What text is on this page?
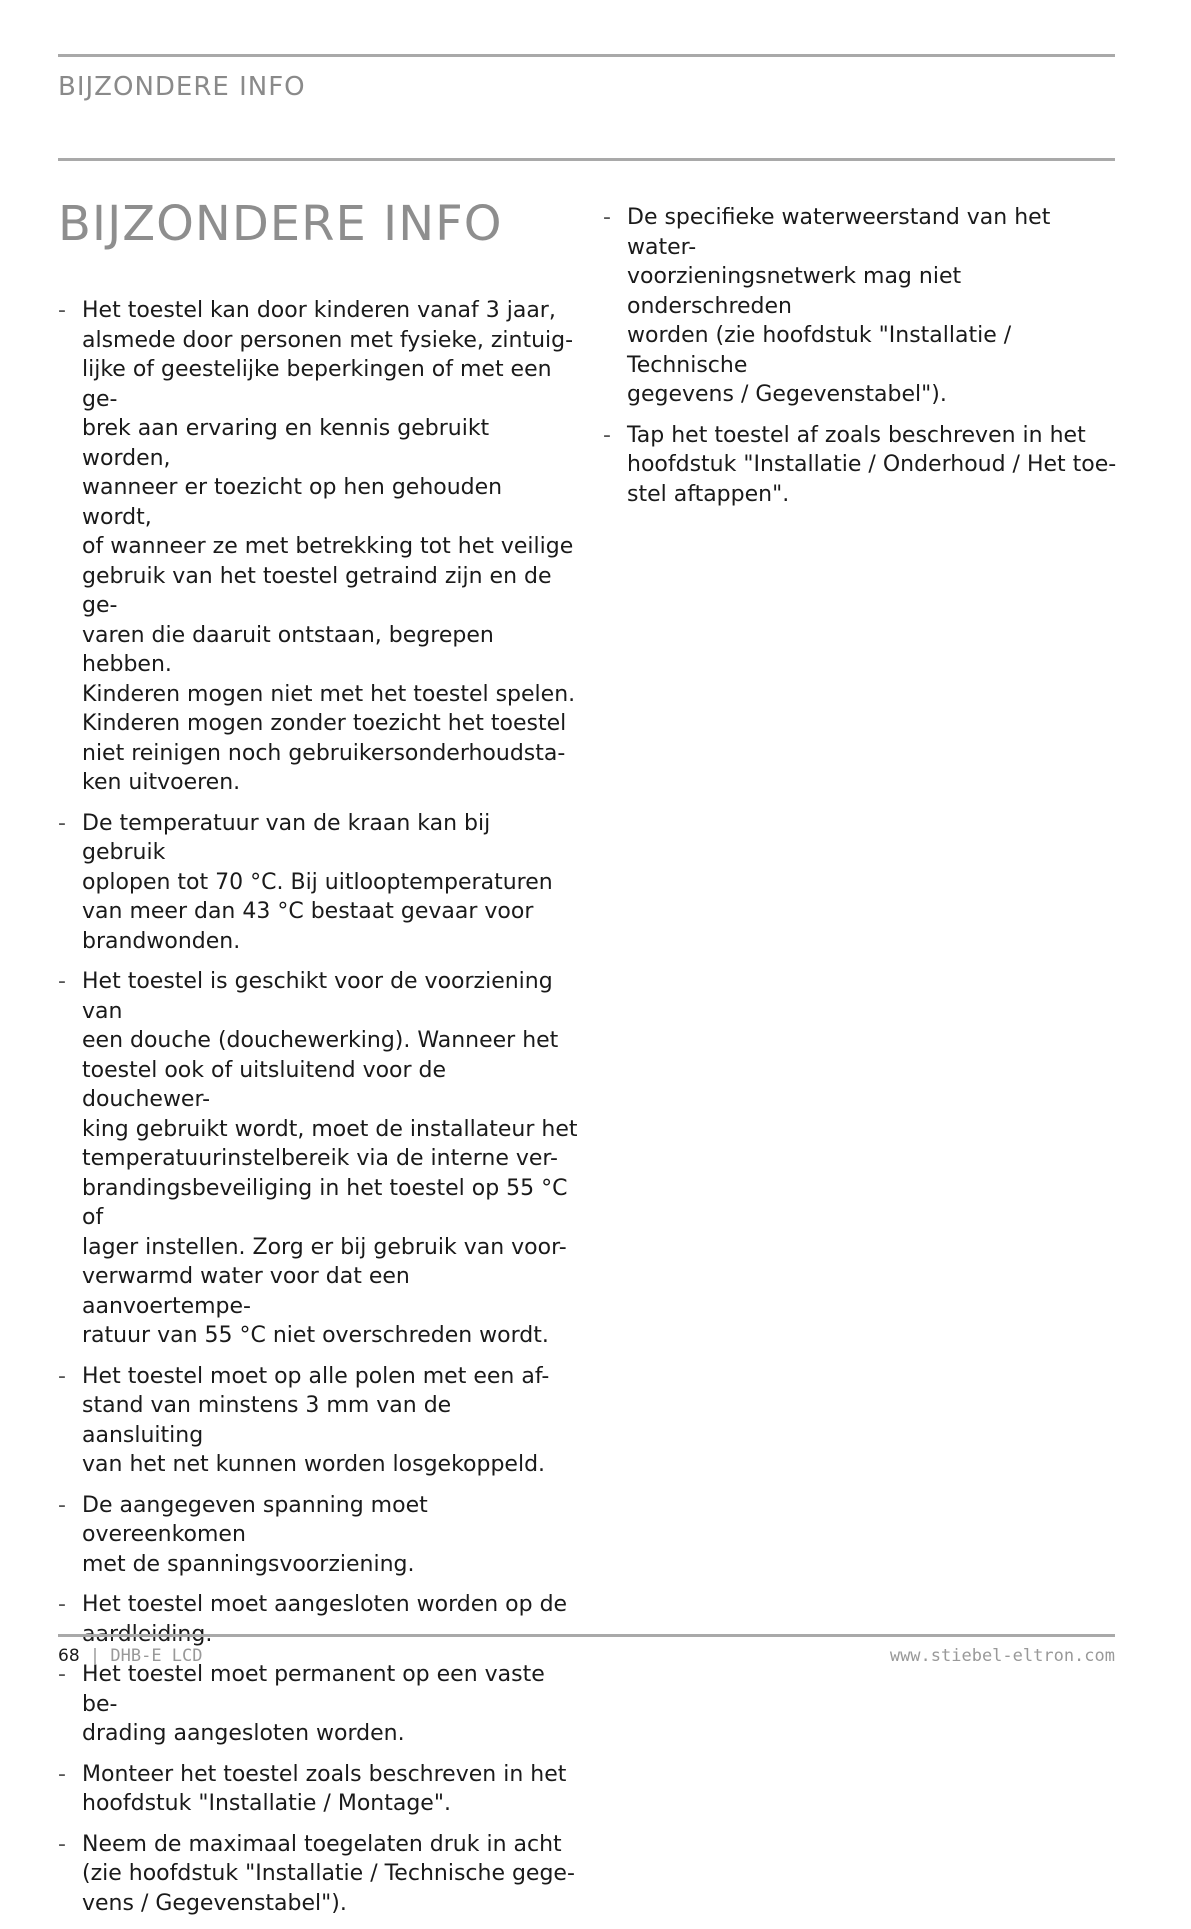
BIJZONDERE INFO
BIJZONDERE INFO
- Het toestel kan door kinderen vanaf 3 jaar,
alsmede door personen met fysieke, zintuig-
lijke of geestelijke beperkingen of met een ge-
brek aan ervaring en kennis gebruikt worden,
wanneer er toezicht op hen gehouden wordt,
of wanneer ze met betrekking tot het veilige
gebruik van het toestel getraind zijn en de ge-
varen die daaruit ontstaan, begrepen hebben.
Kinderen mogen niet met het toestel spelen.
Kinderen mogen zonder toezicht het toestel
niet reinigen noch gebruikersonderhoudsta-
ken uitvoeren.
- De temperatuur van de kraan kan bij gebruik
oplopen tot 70 °C. Bij uitlooptemperaturen
van meer dan 43 °C bestaat gevaar voor
brandwonden.
- Het toestel is geschikt voor de voorziening van
een douche (douchewerking). Wanneer het
toestel ook of uitsluitend voor de douchewer-
king gebruikt wordt, moet de installateur het
temperatuurinstelbereik via de interne ver-
brandingsbeveiliging in het toestel op 55 °C of
lager instellen. Zorg er bij gebruik van voor-
verwarmd water voor dat een aanvoertempe-
ratuur van 55 °C niet overschreden wordt.
- Het toestel moet op alle polen met een af-
stand van minstens 3 mm van de aansluiting
van het net kunnen worden losgekoppeld.
- De aangegeven spanning moet overeenkomen
met de spanningsvoorziening.
- Het toestel moet aangesloten worden op de
aardleiding.
- Het toestel moet permanent op een vaste be-
drading aangesloten worden.
- Monteer het toestel zoals beschreven in het
hoofdstuk "Installatie / Montage".
- Neem de maximaal toegelaten druk in acht
(zie hoofdstuk "Installatie / Technische gege-
vens / Gegevenstabel").
- De specifieke waterweerstand van het water-
voorzieningsnetwerk mag niet onderschreden
worden (zie hoofdstuk "Installatie / Technische
gegevens / Gegevenstabel").
- Tap het toestel af zoals beschreven in het
hoofdstuk "Installatie / Onderhoud / Het toe-
stel aftappen".
68 | DHB-E LCD	www.stiebel-eltron.com
